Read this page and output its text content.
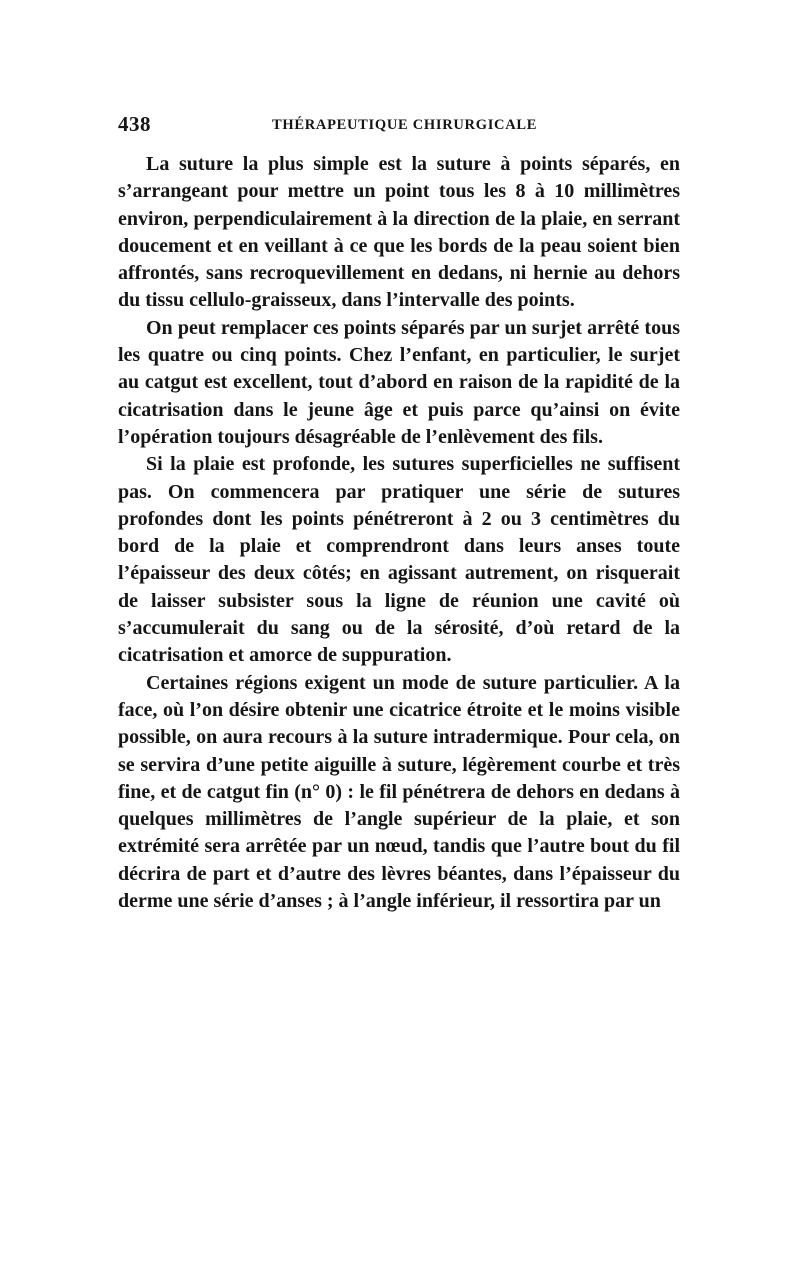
438	THÉRAPEUTIQUE CHIRURGICALE

La suture la plus simple est la suture à points séparés, en s’arrangeant pour mettre un point tous les 8 à 10 millimètres environ, perpendiculairement à la direction de la plaie, en serrant doucement et en veillant à ce que les bords de la peau soient bien affrontés, sans recroquevillement en dedans, ni hernie au dehors du tissu cellulo-graisseux, dans l’intervalle des points.

On peut remplacer ces points séparés par un surjet arrêté tous les quatre ou cinq points. Chez l’enfant, en particulier, le surjet au catgut est excellent, tout d’abord en raison de la rapidité de la cicatrisation dans le jeune âge et puis parce qu’ainsi on évite l’opération toujours désagréable de l’enlèvement des fils.

Si la plaie est profonde, les sutures superficielles ne suffisent pas. On commencera par pratiquer une série de sutures profondes dont les points pénétreront à 2 ou 3 centimètres du bord de la plaie et comprendront dans leurs anses toute l’épaisseur des deux côtés; en agissant autrement, on risquerait de laisser subsister sous la ligne de réunion une cavité où s’accumulerait du sang ou de la sérosité, d’où retard de la cicatrisation et amorce de suppuration.

Certaines régions exigent un mode de suture particulier. A la face, où l’on désire obtenir une cicatrice étroite et le moins visible possible, on aura recours à la suture intradermique. Pour cela, on se servira d’une petite aiguille à suture, légèrement courbe et très fine, et de catgut fin (n° 0) : le fil pénétrera de dehors en dedans à quelques millimètres de l’angle supérieur de la plaie, et son extrémité sera arrêtée par un nœud, tandis que l’autre bout du fil décrira de part et d’autre des lèvres béantes, dans l’épaisseur du derme une série d’anses ; à l’angle inférieur, il ressortira par un
